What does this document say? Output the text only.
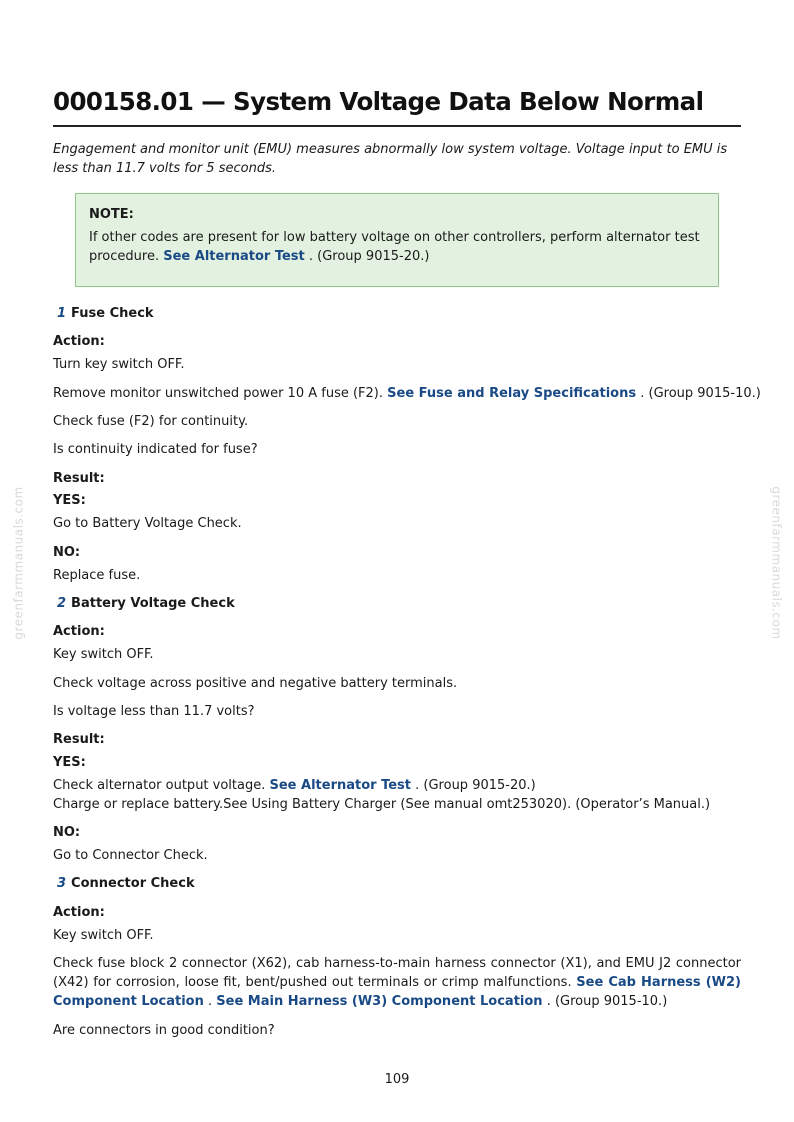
000158.01 — System Voltage Data Below Normal
Engagement and monitor unit (EMU) measures abnormally low system voltage. Voltage input to EMU is less than 11.7 volts for 5 seconds.
NOTE:
If other codes are present for low battery voltage on other controllers, perform alternator test procedure. See Alternator Test . (Group 9015-20.)
1 Fuse Check
Action:
Turn key switch OFF.
Remove monitor unswitched power 10 A fuse (F2). See Fuse and Relay Specifications . (Group 9015-10.)
Check fuse (F2) for continuity.
Is continuity indicated for fuse?
Result:
YES:
Go to Battery Voltage Check.
NO:
Replace fuse.
2 Battery Voltage Check
Action:
Key switch OFF.
Check voltage across positive and negative battery terminals.
Is voltage less than 11.7 volts?
Result:
YES:
Check alternator output voltage. See Alternator Test . (Group 9015-20.)
Charge or replace battery.See Using Battery Charger (See manual omt253020). (Operator’s Manual.)
NO:
Go to Connector Check.
3 Connector Check
Action:
Key switch OFF.
Check fuse block 2 connector (X62), cab harness-to-main harness connector (X1), and EMU J2 connector (X42) for corrosion, loose fit, bent/pushed out terminals or crimp malfunctions. See Cab Harness (W2) Component Location . See Main Harness (W3) Component Location . (Group 9015-10.)
Are connectors in good condition?
greenfarmmanuals.com	greenfarmmanuals.com
109
